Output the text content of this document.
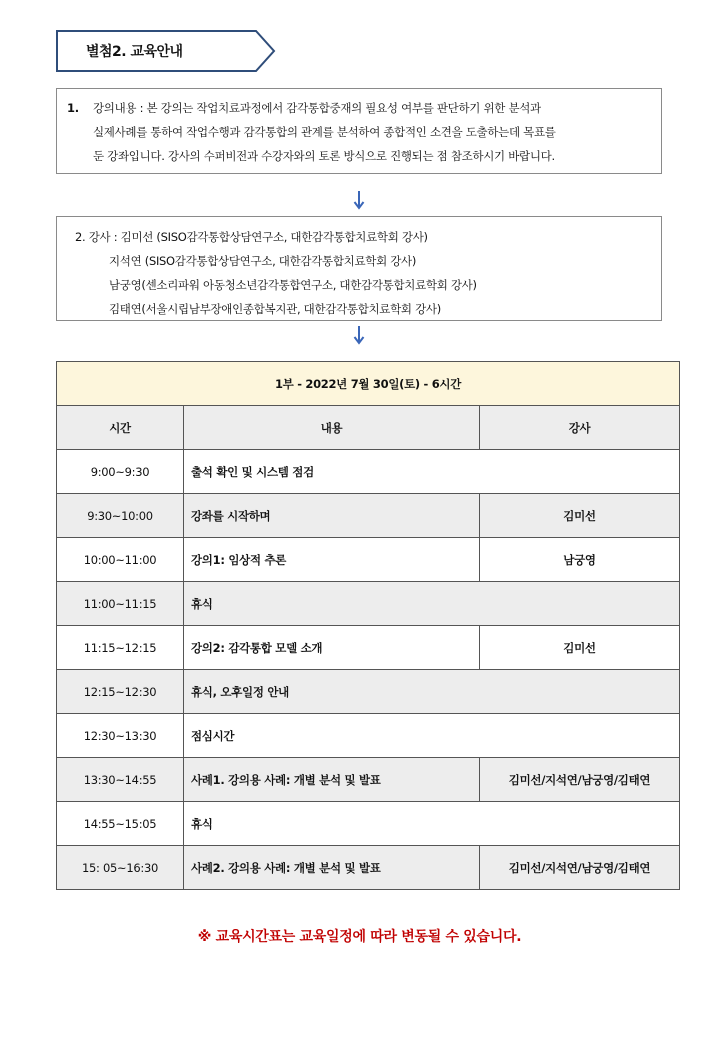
별첨2. 교육안내
1. 강의내용 : 본 강의는 작업치료과정에서 감각통합중재의 필요성 여부를 판단하기 위한 분석과
실제사례를 통하여 작업수행과 감각통합의 관계를 분석하여 종합적인 소견을 도출하는데 목표를
둔 강좌입니다. 강사의 수퍼비전과 수강자와의 토론 방식으로 진행되는 점 참조하시기 바랍니다.
2. 강사 : 김미선 (SISO감각통합상담연구소, 대한감각통합치료학회 강사)
지석연 (SISO감각통합상담연구소, 대한감각통합치료학회 강사)
남궁영(센소리파워 아동청소년감각통합연구소, 대한감각통합치료학회 강사)
김태연(서울시립남부장애인종합복지관, 대한감각통합치료학회 강사)
1부 - 2022년 7월 30일(토) - 6시간		
시간	내용	강사
9:00~9:30	출석 확인 및 시스템 점검	
9:30~10:00	강좌를 시작하며	김미선
10:00~11:00	강의1: 임상적 추론	남궁영
11:00~11:15	휴식	
11:15~12:15	강의2: 감각통합 모델 소개	김미선
12:15~12:30	휴식, 오후일정 안내	
12:30~13:30	점심시간	
13:30~14:55	사례1. 강의용 사례: 개별 분석 및 발표	김미선/지석연/남궁영/김태연
14:55~15:05	휴식	
15: 05~16:30	사례2. 강의용 사례: 개별 분석 및 발표	김미선/지석연/남궁영/김태연
※ 교육시간표는 교육일정에 따라 변동될 수 있습니다.
